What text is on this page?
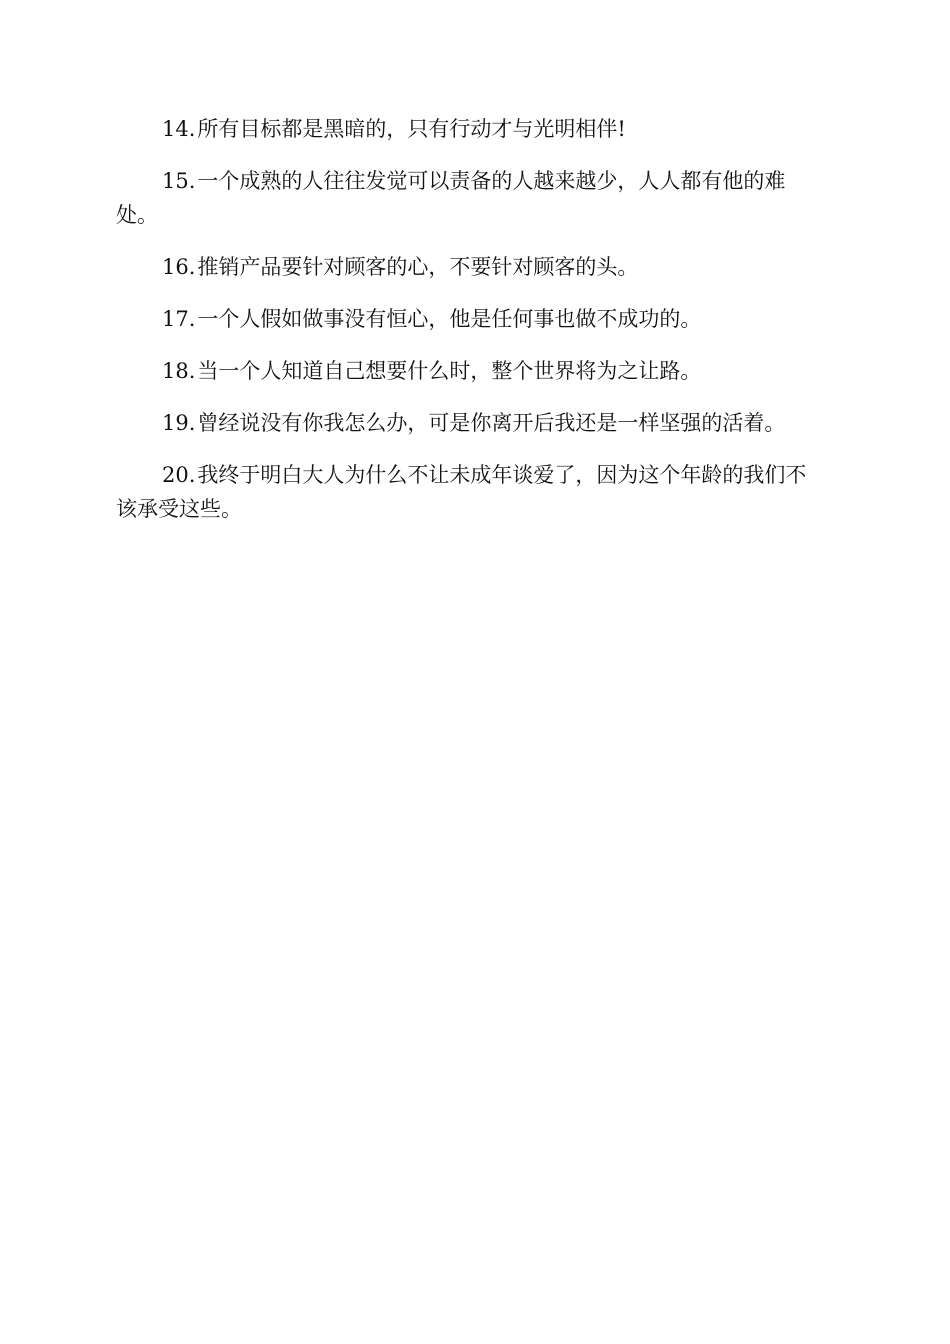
14.所有目标都是黑暗的，只有行动才与光明相伴!

15.一个成熟的人往往发觉可以责备的人越来越少，人人都有他的难处。

16.推销产品要针对顾客的心，不要针对顾客的头。

17.一个人假如做事没有恒心，他是任何事也做不成功的。

18.当一个人知道自己想要什么时，整个世界将为之让路。

19.曾经说没有你我怎么办，可是你离开后我还是一样坚强的活着。

20.我终于明白大人为什么不让未成年谈爱了，因为这个年龄的我们不该承受这些。
